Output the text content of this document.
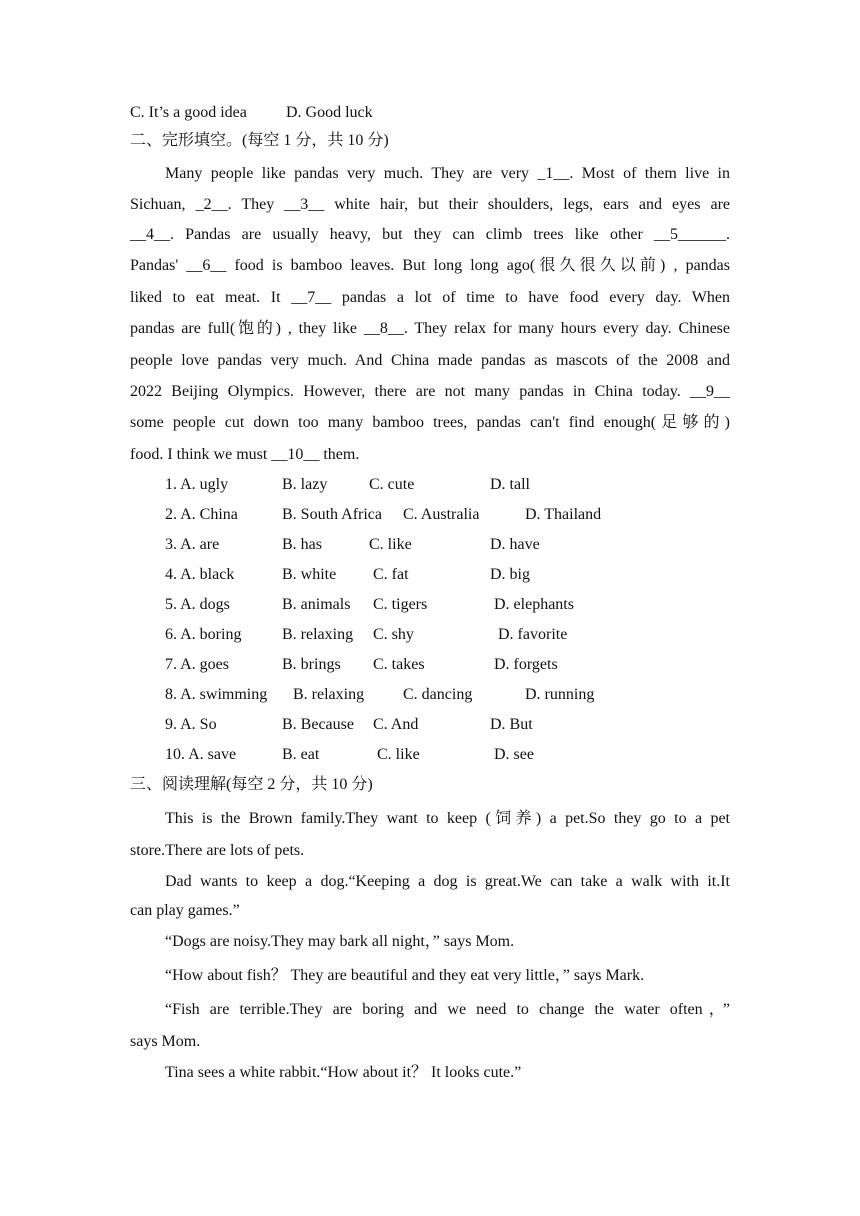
C. It’s a good idea D. Good luck
二、完形填空。(每空 1 分，共 10 分)
Many people like pandas very much. They are very _1__. Most of them live in
Sichuan, _2__. They __3__ white hair, but their shoulders, legs, ears and eyes are
__4__. Pandas are usually heavy, but they can climb trees like other __5______.
Pandas' __6__ food is bamboo leaves. But long long ago(很久很久以前) , pandas
liked to eat meat. It __7__ pandas a lot of time to have food every day. When
pandas are full(饱的) , they like __8__. They relax for many hours every day. Chinese
people love pandas very much. And China made pandas as mascots of the 2008 and
2022 Beijing Olympics. However, there are not many pandas in China today. __9__
some people cut down too many bamboo trees, pandas can't find enough(足够的)
food. I think we must __10__ them.
1. A. ugly	B. lazy	C. cute	D. tall
2. A. China	B. South Africa C. Australia	D. Thailand
3. A. are	B. has	C. like	D. have
4. A. black	B. white C. fat	D. big
5. A. dogs	B. animals C. tigers	D. elephants
6. A. boring	B. relaxing C. shy	D. favorite
7. A. goes	B. brings C. takes	D. forgets
8. A. swimming B. relaxing C. dancing	D. running
9. A. So	B. Because C. And	D. But
10. A. save	B. eat	C. like	D. see
三、阅读理解(每空 2 分，共 10 分)
This is the Brown family.They want to keep (饲养) a pet.So they go to a pet
store.There are lots of pets.
Dad wants to keep a dog.“Keeping a dog is great.We can take a walk with it.It
can play games.”
“Dogs are noisy.They may bark all night，” says Mom.
“How about fish？ They are beautiful and they eat very little，” says Mark.
“Fish are terrible.They are boring and we need to change the water often，”
says Mom.
Tina sees a white rabbit.“How about it？ It looks cute.”
